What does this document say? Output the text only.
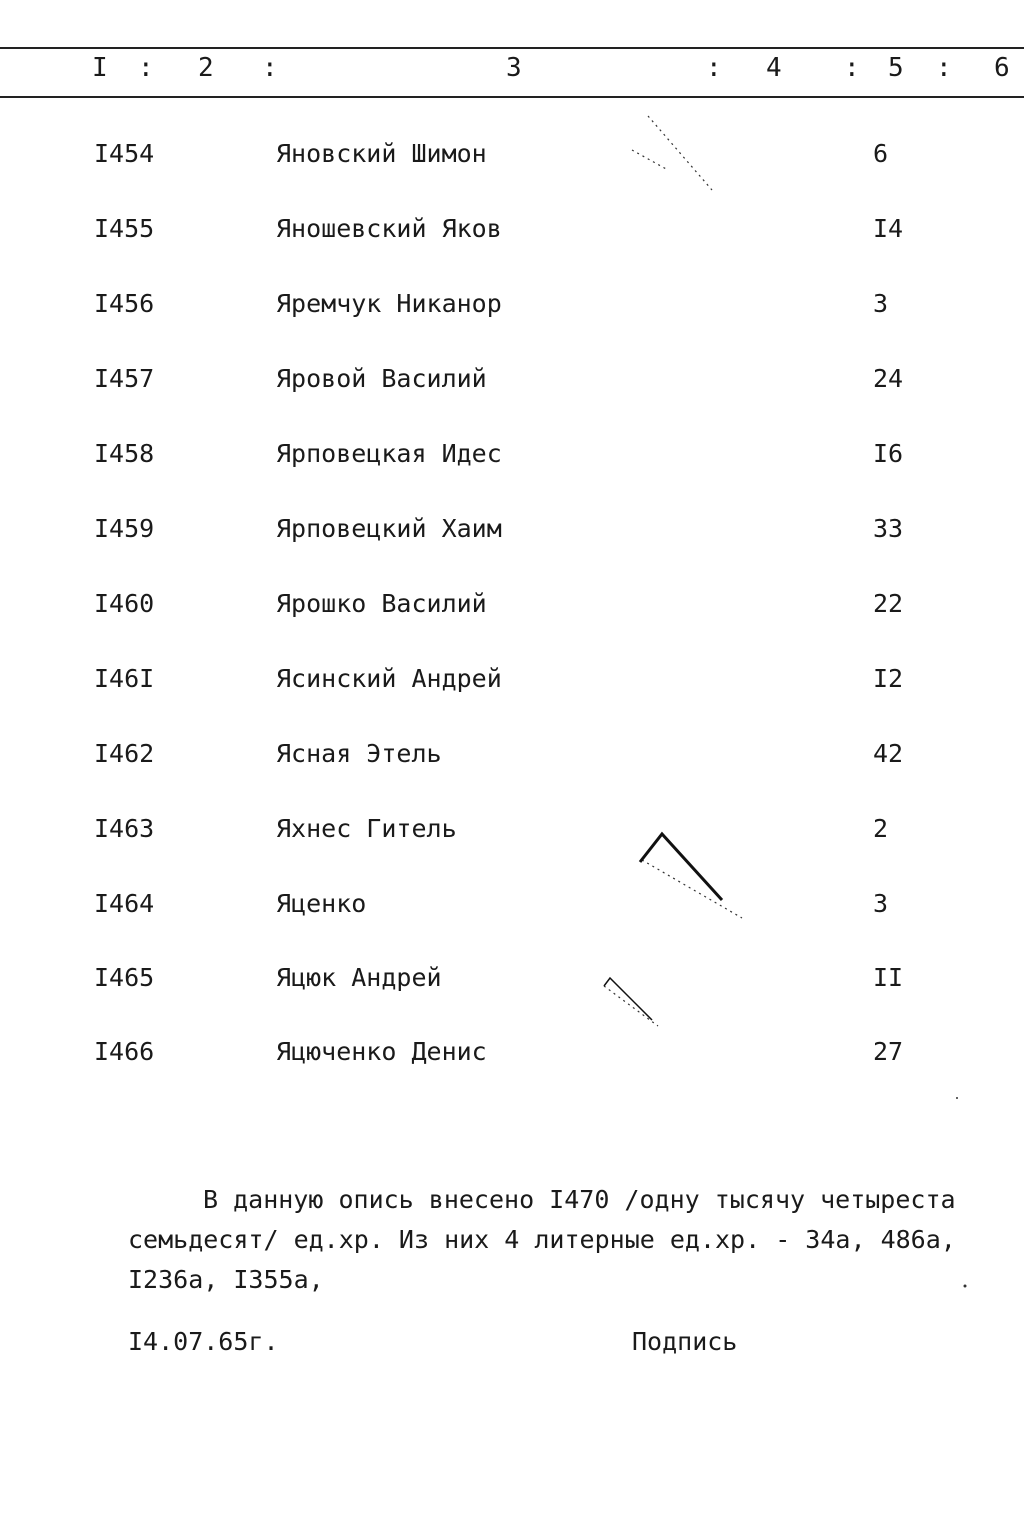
I : 2 :	3	: 4 : 5 : 6
I454	Яновский Шимон	6
I455	Яношевский Яков	I4
I456	Яремчук Никанор	3
I457	Яровой Василий	24
I458	Ярповецкая Идес	I6
I459	Ярповецкий Хаим	33
I460	Ярошко Василий	22
I46I	Ясинский Андрей	I2
I462	Ясная Этель	42
I463	Яхнес Гитель	2
I464	Яценко	3
I465	Яцюк Андрей	II
I466	Яцюченко Денис	27
В данную опись внесено I470 /одну тысячу четыреста
семьдесят/ ед.хр. Из них 4 литерные ед.хр. - 34а, 486а,
I236а, I355а,
I4.07.65г.	Подпись
